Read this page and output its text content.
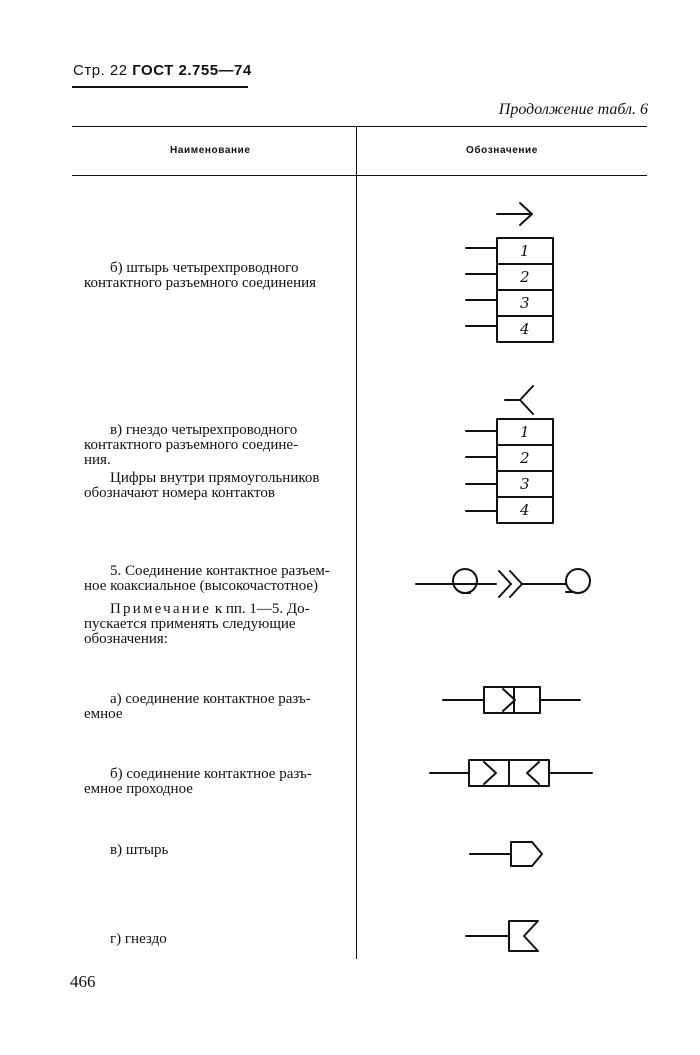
Стр. 22 ГОСТ 2.755—74
Продолжение табл. 6
Наименование	Обозначение
б) штырь четырехпроводного
контактного разъемного соединения
в) гнездо четырехпроводного
контактного разъемного соедине-
ния.
Цифры внутри прямоугольников
обозначают номера контактов
5. Соединение контактное разъем-
ное коаксиальное (высокочастотное)
Примечание к пп. 1—5. До-
пускается применять следующие
обозначения:
а) соединение контактное разъ-
емное
б) соединение контактное разъ-
емное проходное
в) штырь
г) гнездо
1
2
3
4
1
2
3
4
466
